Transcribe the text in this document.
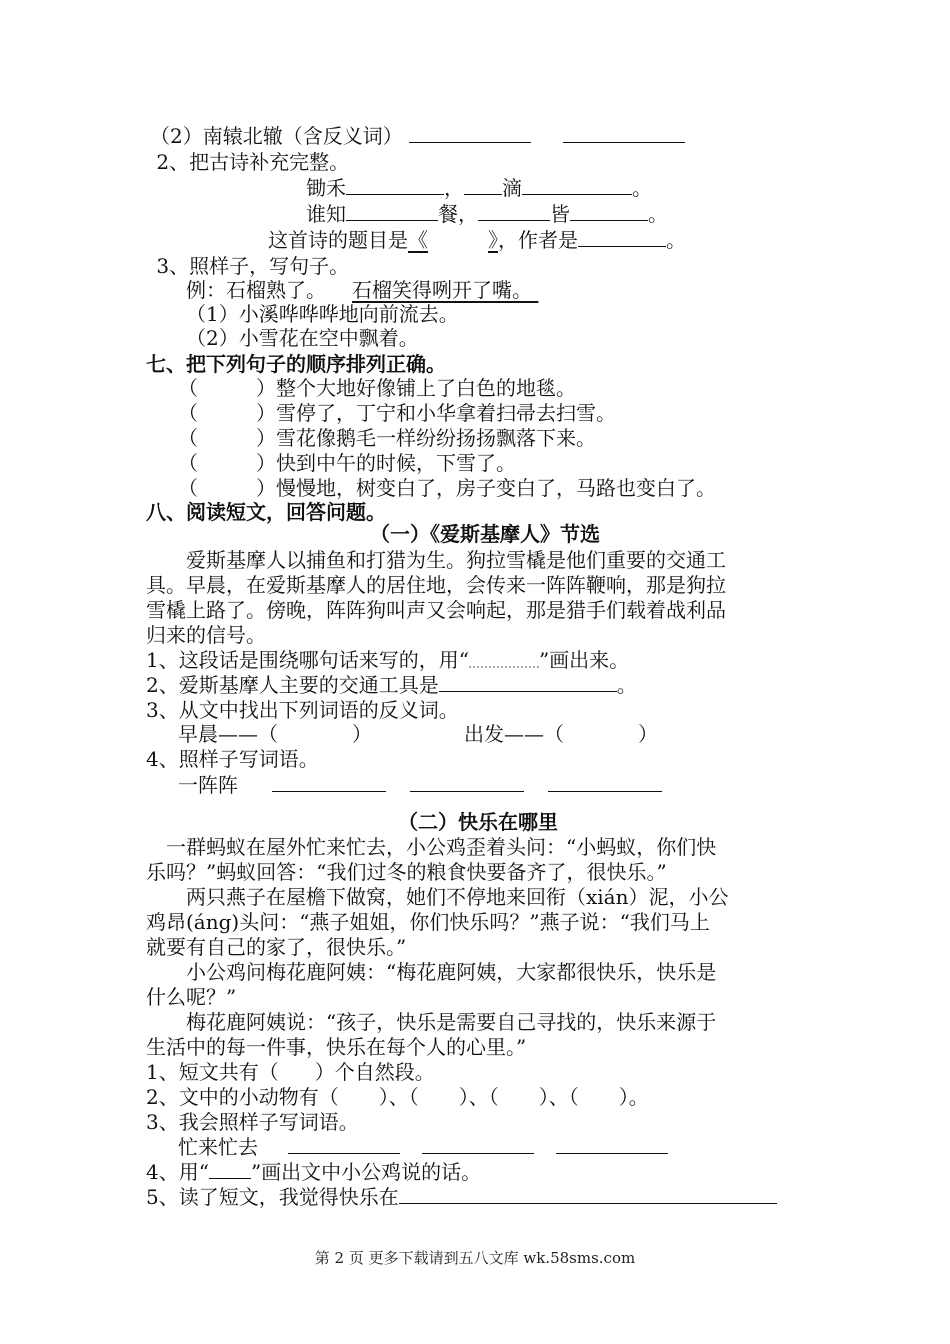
（2）南辕北辙（含反义词）
2、把古诗补充完整。
锄禾	， 滴	。
谁知	餐，	皆	。
这首诗的题目是《	》，作者是	。
3、照样子，写句子。
例：石榴熟了。 石榴笑得咧开了嘴。
（1）小溪哗哗哗地向前流去。
（2）小雪花在空中飘着。
七、把下列句子的顺序排列正确。
（	）整个大地好像铺上了白色的地毯。
（	）雪停了，丁宁和小华拿着扫帚去扫雪。
（	）雪花像鹅毛一样纷纷扬扬飘落下来。
（	）快到中午的时候，下雪了。
（	）慢慢地，树变白了，房子变白了，马路也变白了。
八、阅读短文，回答问题。
（一）《爱斯基摩人》节选
爱斯基摩人以捕鱼和打猎为生。狗拉雪橇是他们重要的交通工
具。早晨，在爱斯基摩人的居住地，会传来一阵阵鞭响，那是狗拉
雪橇上路了。傍晚，阵阵狗叫声又会响起，那是猎手们载着战利品
归来的信号。
1、这段话是围绕哪句话来写的，用“	”画出来。
2、爱斯基摩人主要的交通工具是	。
3、从文中找出下列词语的反义词。
早晨——（	）	出发——（	）
4、照样子写词语。
一阵阵
（二）快乐在哪里
一群蚂蚁在屋外忙来忙去，小公鸡歪着头问：“小蚂蚁，你们快
乐吗？”蚂蚁回答：“我们过冬的粮食快要备齐了，很快乐。”
两只燕子在屋檐下做窝，她们不停地来回衔（xián）泥，小公
鸡昂(áng)头问：“燕子姐姐，你们快乐吗？”燕子说：“我们马上
就要有自己的家了，很快乐。”
小公鸡问梅花鹿阿姨：“梅花鹿阿姨，大家都很快乐，快乐是
什么呢？”
梅花鹿阿姨说：“孩子，快乐是需要自己寻找的，快乐来源于
生活中的每一件事，快乐在每个人的心里。”
1、短文共有（ ）个自然段。
2、文中的小动物有（ ）、（ ）、（ ）、（ ）。
3、我会照样子写词语。
忙来忙去
4、用“ ”画出文中小公鸡说的话。
5、读了短文，我觉得快乐在
第 2 页 更多下载请到五八文库 wk.58sms.com
